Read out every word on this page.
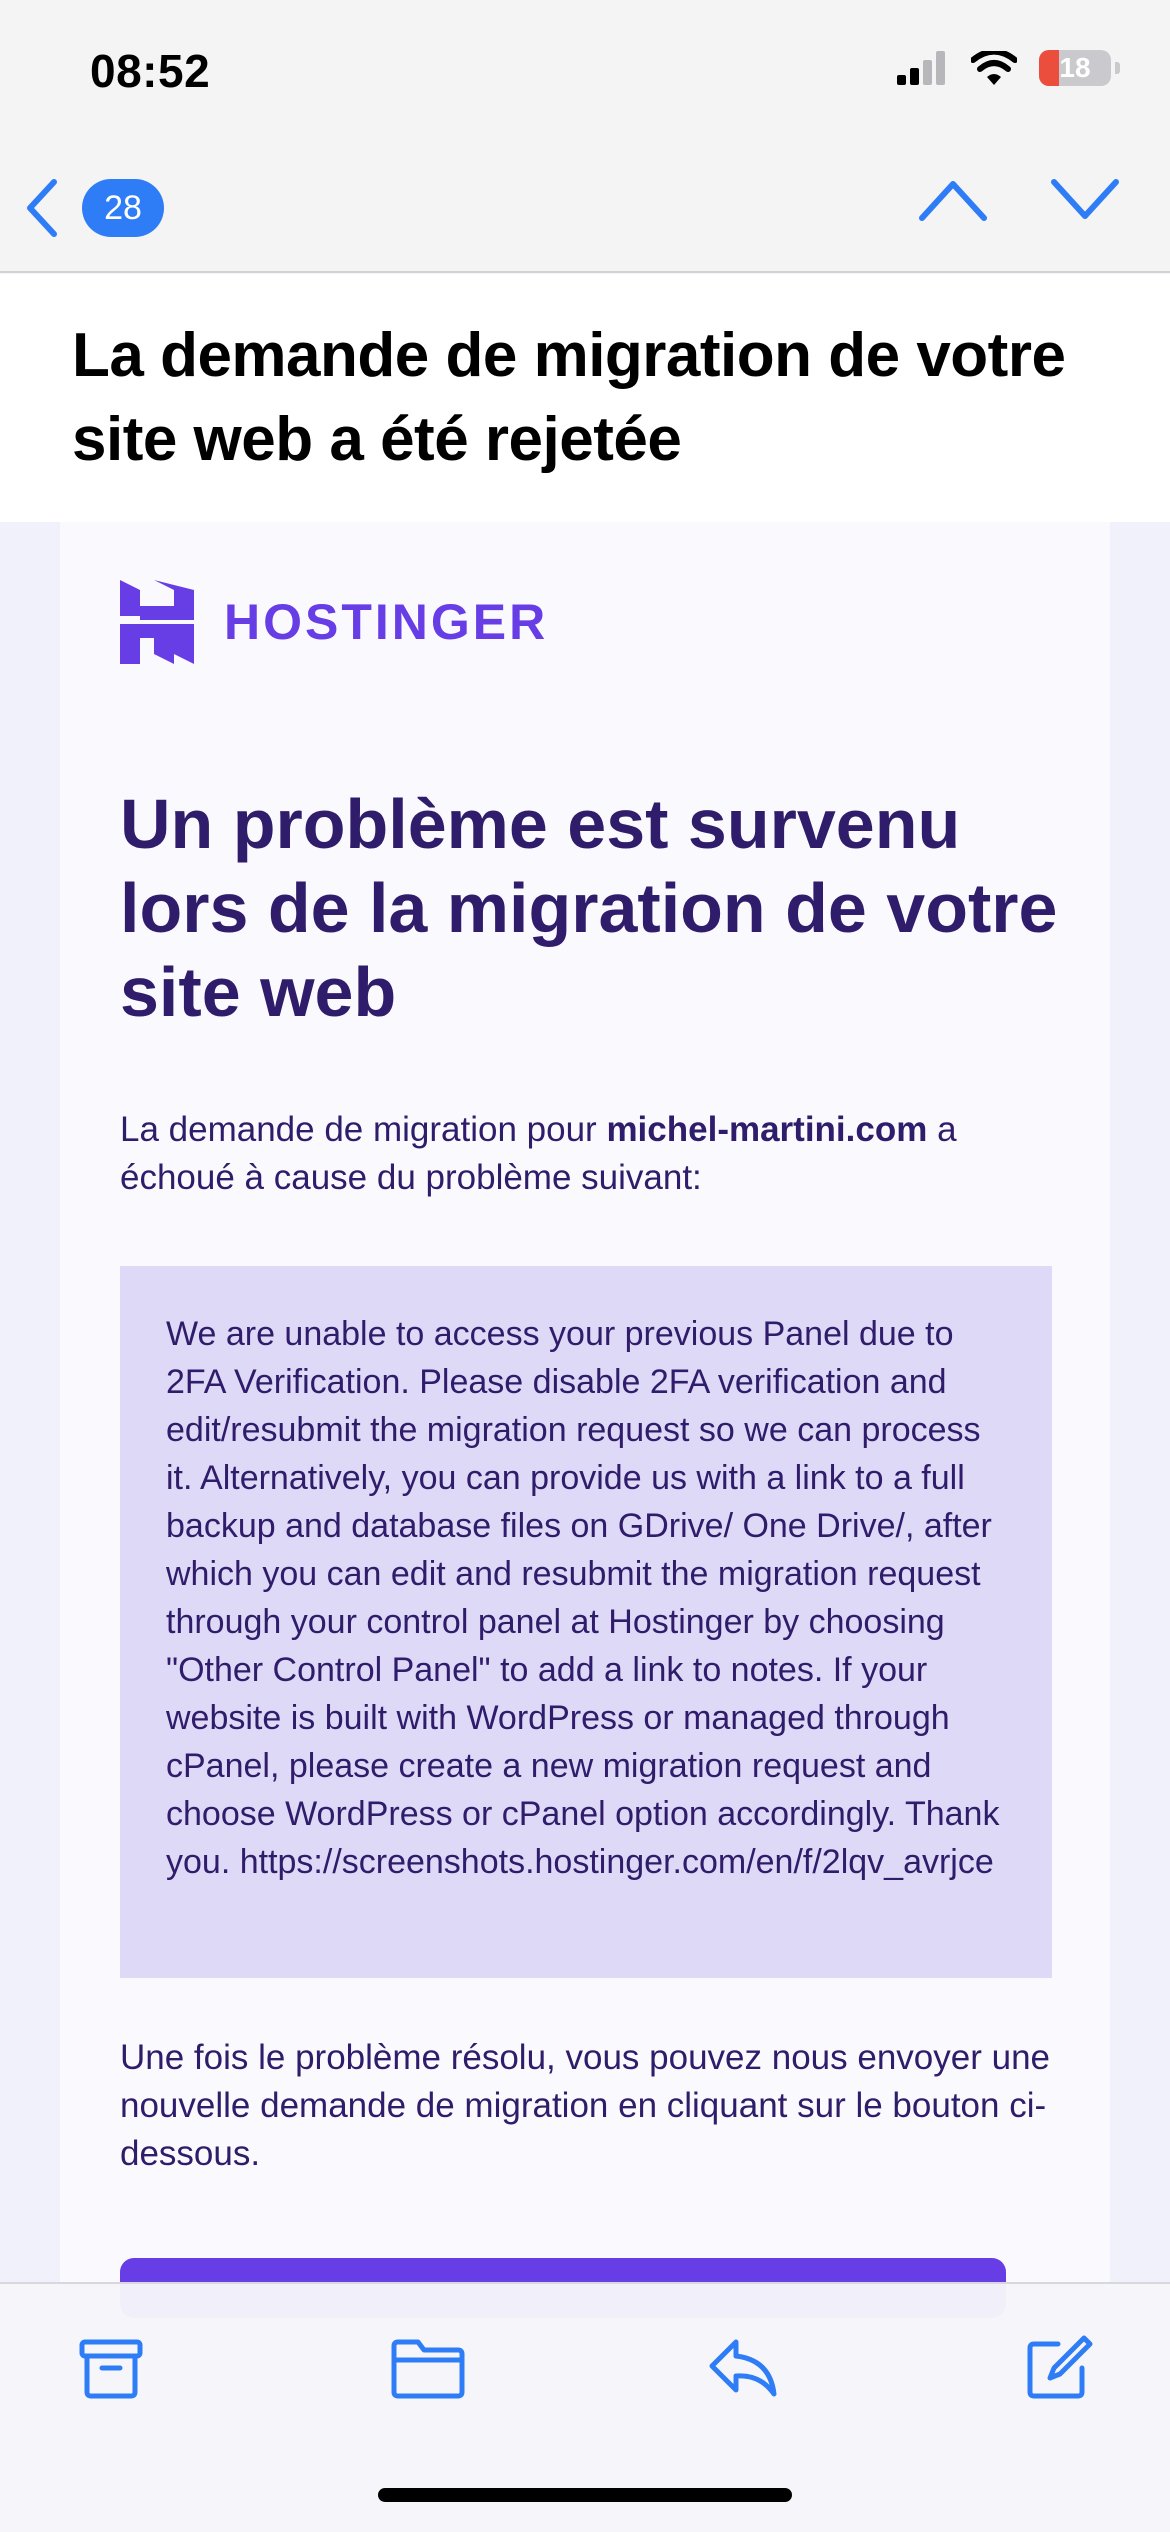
08:52	18
28
La demande de migration de votre site web a été rejetée
HOSTINGER
Un problème est survenu lors de la migration de votre site web
La demande de migration pour michel-martini.com a échoué à cause du problème suivant:

We are unable to access your previous Panel due to 2FA Verification. Please disable 2FA verification and edit/resubmit the migration request so we can process it. Alternatively, you can provide us with a link to a full backup and database files on GDrive/ One Drive/, after which you can edit and resubmit the migration request through your control panel at Hostinger by choosing "Other Control Panel" to add a link to notes. If your website is built with WordPress or managed through cPanel, please create a new migration request and choose WordPress or cPanel option accordingly. Thank you. https://screenshots.hostinger.com/en/f/2lqv_avrjce

Une fois le problème résolu, vous pouvez nous envoyer une nouvelle demande de migration en cliquant sur le bouton ci-dessous.
